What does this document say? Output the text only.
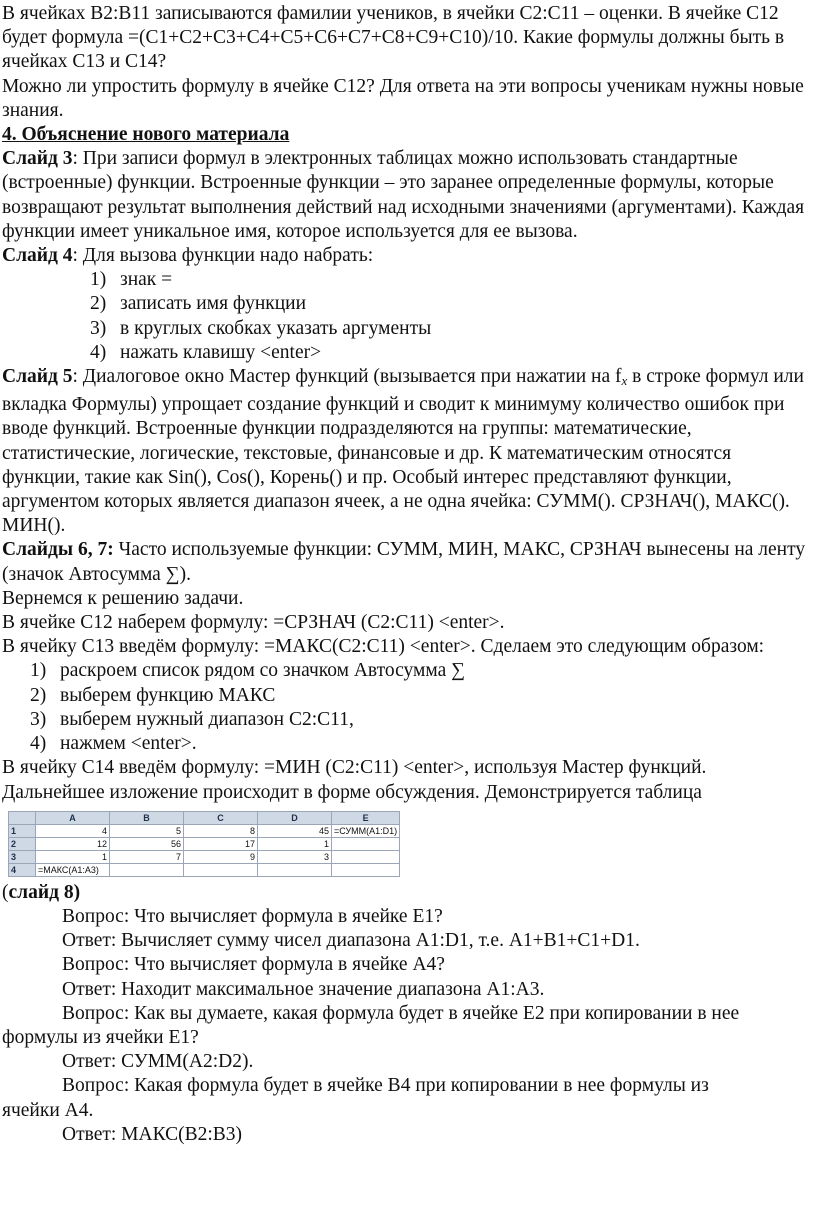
В ячейках В2:В11 записываются фамилии учеников, в ячейки С2:С11 – оценки. В ячейке С12 будет формула =(С1+С2+С3+С4+С5+С6+С7+С8+С9+С10)/10. Какие формулы должны быть в ячейках С13 и С14?

Можно ли упростить формулу в ячейке С12? Для ответа на эти вопросы ученикам нужны новые знания.

4. Объяснение нового материала

Слайд 3: При записи формул в электронных таблицах можно использовать стандартные (встроенные) функции. Встроенные функции – это заранее определенные формулы, которые возвращают результат выполнения действий над исходными значениями (аргументами). Каждая функции имеет уникальное имя, которое используется для ее вызова.

Слайд 4: Для вызова функции надо набрать:

1) знак =
2) записать имя функции
3) в круглых скобках указать аргументы
4) нажать клавишу <enter>

Слайд 5: Диалоговое окно Мастер функций (вызывается при нажатии на $f_x$ в строке формул или вкладка Формулы) упрощает создание функций и сводит к минимуму количество ошибок при вводе функций. Встроенные функции подразделяются на группы: математические, статистические, логические, текстовые, финансовые и др. К математическим относятся функции, такие как Sin(), Cos(), Корень() и пр. Особый интерес представляют функции, аргументом которых является диапазон ячеек, а не одна ячейка: СУММ(). СРЗНАЧ(), МАКС(). МИН().

Слайды 6, 7: Часто используемые функции: СУММ, МИН, МАКС, СРЗНАЧ вынесены на ленту (значок Автосумма ∑).

Вернемся к решению задачи.

В ячейке С12 наберем формулу: =СРЗНАЧ (С2:С11) <enter>.

В ячейку С13 введём формулу: =МАКС(С2:С11) <enter>. Сделаем это следующим образом:

1) раскроем список рядом со значком Автосумма ∑
2) выберем функцию МАКС
3) выберем нужный диапазон С2:С11,
4) нажмем <enter>.

В ячейку С14 введём формулу: =МИН (С2:С11) <enter>, используя Мастер функций.

Дальнейшее изложение происходит в форме обсуждения. Демонстрируется таблица

	A	B	C	D	E
1	4	5	8	45	=СУММ(A1:D1)
2	12	56	17	1	
3	1	7	9	3	
4	=МАКС(A1:A3)				

(слайд 8)

Вопрос: Что вычисляет формула в ячейке Е1?

Ответ: Вычисляет сумму чисел диапазона А1:D1, т.е. А1+В1+С1+D1.

Вопрос: Что вычисляет формула в ячейке А4?

Ответ: Находит максимальное значение диапазона А1:А3.

Вопрос: Как вы думаете, какая формула будет в ячейке Е2 при копировании в нее

формулы из ячейки Е1?

Ответ: СУММ(А2:D2).

Вопрос: Какая формула будет в ячейке В4 при копировании в нее формулы из

ячейки А4.

Ответ: МАКС(В2:В3)
